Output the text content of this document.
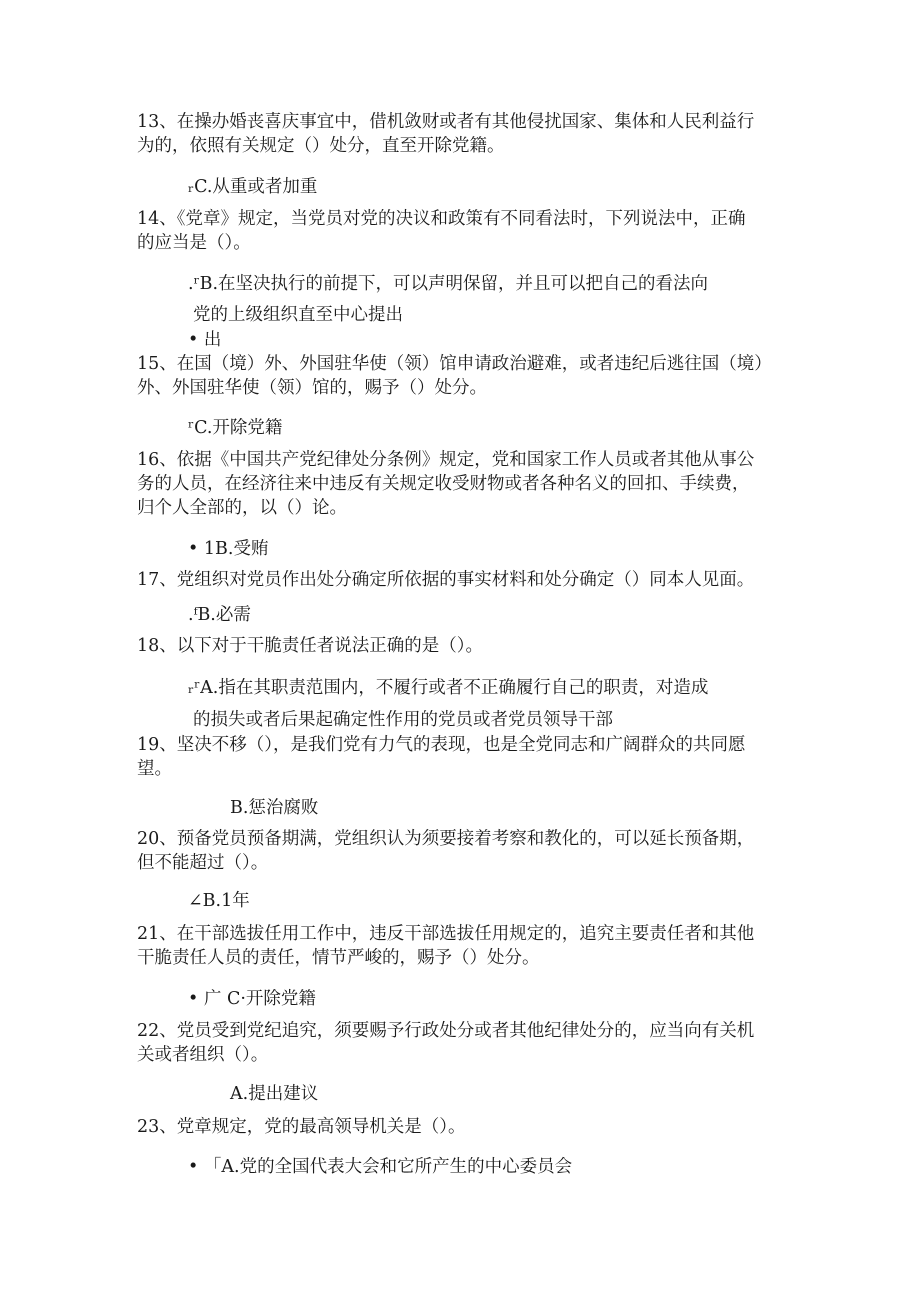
13、在操办婚丧喜庆事宜中，借机敛财或者有其他侵扰国家、集体和人民利益行
为的，依照有关规定（）处分，直至开除党籍。

ᵣC.从重或者加重

14、《党章》规定，当党员对党的决议和政策有不同看法时，下列说法中，正确
的应当是（）。

.ʳB.在坚决执行的前提下，可以声明保留，并且可以把自己的看法向

党的上级组织直至中心提出

• 出

15、在国（境）外、外国驻华使（领）馆申请政治避难，或者违纪后逃往国（境）
外、外国驻华使（领）馆的，赐予（）处分。

ʳC.开除党籍

16、依据《中国共产党纪律处分条例》规定，党和国家工作人员或者其他从事公
务的人员，在经济往来中违反有关规定收受财物或者各种名义的回扣、手续费，
归个人全部的，以（）论。

• 1B.受贿

17、党组织对党员作出处分确定所依据的事实材料和处分确定（）同本人见面。

.ᶠB.必需

18、以下对于干脆责任者说法正确的是（）。

ᵣʳA.指在其职责范围内，不履行或者不正确履行自己的职责，对造成

的损失或者后果起确定性作用的党员或者党员领导干部

19、坚决不移（），是我们党有力气的表现，也是全党同志和广阔群众的共同愿
望。

B.惩治腐败

20、预备党员预备期满，党组织认为须要接着考察和教化的，可以延长预备期，
但不能超过（）。

∠B.1年

21、在干部选拔任用工作中，违反干部选拔任用规定的，追究主要责任者和其他
干脆责任人员的责任，情节严峻的，赐予（）处分。

• 广 C·开除党籍

22、党员受到党纪追究，须要赐予行政处分或者其他纪律处分的，应当向有关机
关或者组织（）。

A.提出建议

23、党章规定，党的最高领导机关是（）。

• 「A.党的全国代表大会和它所产生的中心委员会
